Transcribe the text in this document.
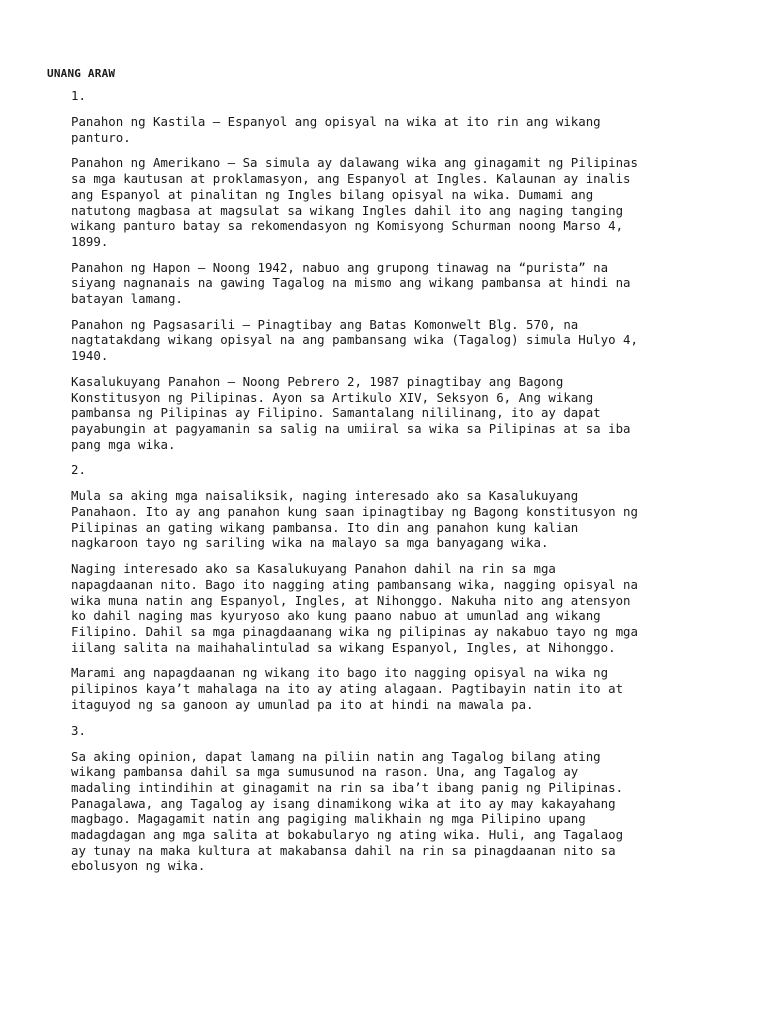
UNANG ARAW

1.

Panahon ng Kastila – Espanyol ang opisyal na wika at ito rin ang wikang
panturo.
Panahon ng Amerikano – Sa simula ay dalawang wika ang ginagamit ng Pilipinas
sa mga kautusan at proklamasyon, ang Espanyol at Ingles. Kalaunan ay inalis
ang Espanyol at pinalitan ng Ingles bilang opisyal na wika. Dumami ang
natutong magbasa at magsulat sa wikang Ingles dahil ito ang naging tanging
wikang panturo batay sa rekomendasyon ng Komisyong Schurman noong Marso 4,
1899.
Panahon ng Hapon – Noong 1942, nabuo ang grupong tinawag na “purista” na
siyang nagnanais na gawing Tagalog na mismo ang wikang pambansa at hindi na
batayan lamang.
Panahon ng Pagsasarili – Pinagtibay ang Batas Komonwelt Blg. 570, na
nagtatakdang wikang opisyal na ang pambansang wika (Tagalog) simula Hulyo 4,
1940.
Kasalukuyang Panahon – Noong Pebrero 2, 1987 pinagtibay ang Bagong
Konstitusyon ng Pilipinas. Ayon sa Artikulo XIV, Seksyon 6, Ang wikang
pambansa ng Pilipinas ay Filipino. Samantalang nililinang, ito ay dapat
payabungin at pagyamanin sa salig na umiiral sa wika sa Pilipinas at sa iba
pang mga wika.

2.

Mula sa aking mga naisaliksik, naging interesado ako sa Kasalukuyang
Panahaon. Ito ay ang panahon kung saan ipinagtibay ng Bagong konstitusyon ng
Pilipinas an gating wikang pambansa. Ito din ang panahon kung kalian
nagkaroon tayo ng sariling wika na malayo sa mga banyagang wika.
Naging interesado ako sa Kasalukuyang Panahon dahil na rin sa mga
napagdaanan nito. Bago ito nagging ating pambansang wika, nagging opisyal na
wika muna natin ang Espanyol, Ingles, at Nihonggo. Nakuha nito ang atensyon
ko dahil naging mas kyuryoso ako kung paano nabuo at umunlad ang wikang
Filipino. Dahil sa mga pinagdaanang wika ng pilipinas ay nakabuo tayo ng mga
iilang salita na maihahalintulad sa wikang Espanyol, Ingles, at Nihonggo.
Marami ang napagdaanan ng wikang ito bago ito nagging opisyal na wika ng
pilipinos kaya’t mahalaga na ito ay ating alagaan. Pagtibayin natin ito at
itaguyod ng sa ganoon ay umunlad pa ito at hindi na mawala pa.

3.

Sa aking opinion, dapat lamang na piliin natin ang Tagalog bilang ating
wikang pambansa dahil sa mga sumusunod na rason. Una, ang Tagalog ay
madaling intindihin at ginagamit na rin sa iba’t ibang panig ng Pilipinas.
Panagalawa, ang Tagalog ay isang dinamikong wika at ito ay may kakayahang
magbago. Magagamit natin ang pagiging malikhain ng mga Pilipino upang
madagdagan ang mga salita at bokabularyo ng ating wika. Huli, ang Tagalaog
ay tunay na maka kultura at makabansa dahil na rin sa pinagdaanan nito sa
ebolusyon ng wika.
